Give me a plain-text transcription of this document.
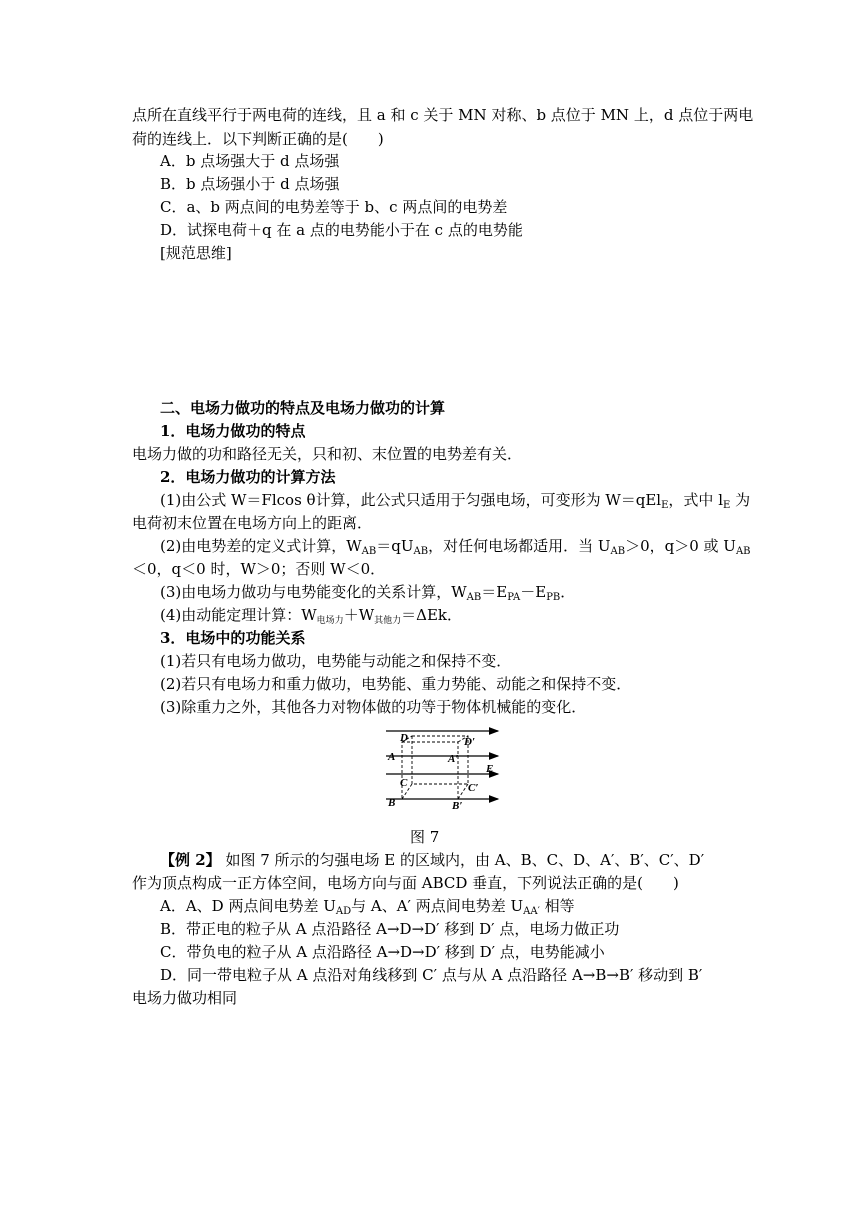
点所在直线平行于两电荷的连线，且 a 和 c 关于 MN 对称、b 点位于 MN 上，d 点位于两电
荷的连线上．以下判断正确的是(　　)
A．b 点场强大于 d 点场强
B．b 点场强小于 d 点场强
C．a、b 两点间的电势差等于 b、c 两点间的电势差
D．试探电荷＋q 在 a 点的电势能小于在 c 点的电势能
[规范思维]
二、电场力做功的特点及电场力做功的计算
1．电场力做功的特点
电场力做的功和路径无关，只和初、末位置的电势差有关．
2．电场力做功的计算方法
(1)由公式 W＝Flcos θ计算，此公式只适用于匀强电场，可变形为 W＝qEl$_E$，式中 $l_E$ 为
电荷初末位置在电场方向上的距离．
(2)由电势差的定义式计算，$W_{AB}=qU_{AB}$，对任何电场都适用．当 $U_{AB}>0$，q＞0 或 $U_{AB}$
＜0，q＜0 时，W＞0；否则 W＜0．
(3)由电场力做功与电势能变化的关系计算，$W_{AB}=E_{PA}-E_{PB}$．
(4)由动能定理计算：$W_{电场力}+W_{其他力}=\Delta Ek$．
3．电场中的功能关系
(1)若只有电场力做功，电势能与动能之和保持不变．
(2)若只有电场力和重力做功，电势能、重力势能、动能之和保持不变．
(3)除重力之外，其他各力对物体做的功等于物体机械能的变化．
D	D′
A	A′
E
C	C′
B	B′
图 7
【例 2】 如图 7 所示的匀强电场 E 的区域内，由 A、B、C、D、A′、B′、C′、D′
作为顶点构成一正方体空间，电场方向与面 ABCD 垂直，下列说法正确的是(　　)
A．A、D 两点间电势差 $U_{AD}$与 A、A′ 两点间电势差 $U_{AA'}$ 相等
B．带正电的粒子从 A 点沿路径 A→D→D′ 移到 D′ 点，电场力做正功
C．带负电的粒子从 A 点沿路径 A→D→D′ 移到 D′ 点，电势能减小
D．同一带电粒子从 A 点沿对角线移到 C′ 点与从 A 点沿路径 A→B→B′ 移动到 B′
电场力做功相同
